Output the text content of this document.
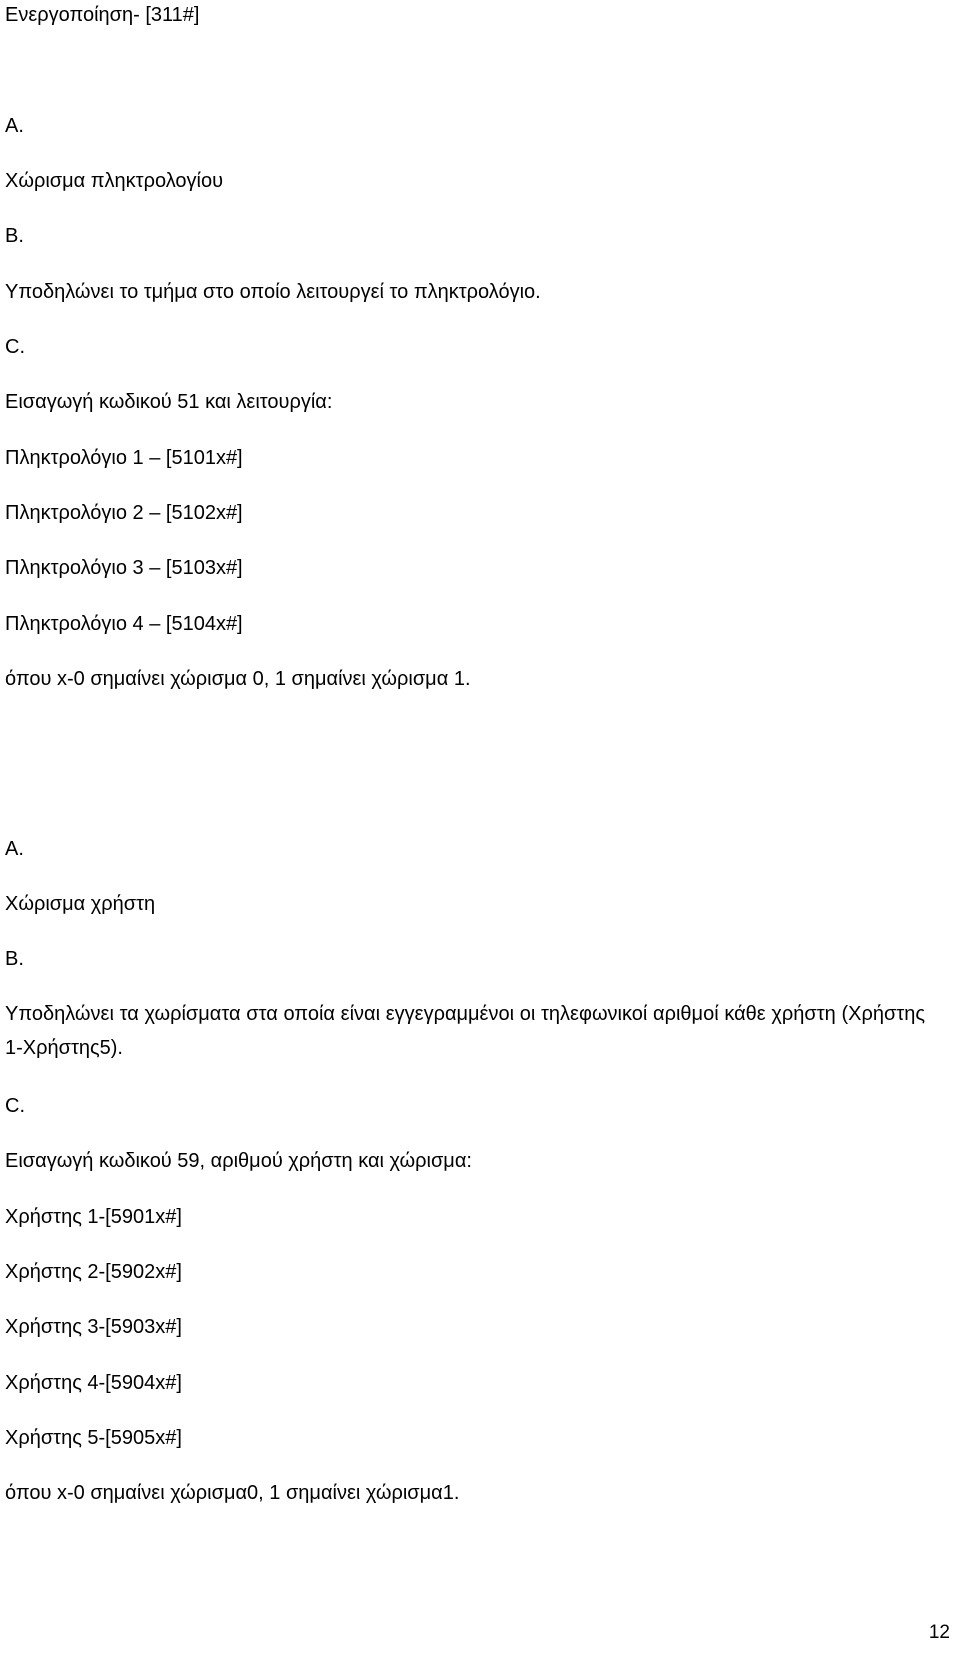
Ενεργοποίηση- [311#]
A.
Χώρισμα πληκτρολογίου
B.
Υποδηλώνει το τμήμα στο οποίο λειτουργεί το πληκτρολόγιο.
C.
Εισαγωγή κωδικού 51 και λειτουργία:
Πληκτρολόγιο 1 – [5101x#]
Πληκτρολόγιο 2 – [5102x#]
Πληκτρολόγιο 3 – [5103x#]
Πληκτρολόγιο 4 – [5104x#]
όπου x-0 σημαίνει χώρισμα 0, 1 σημαίνει χώρισμα 1.
A.
Χώρισμα χρήστη
B.
Υποδηλώνει τα χωρίσματα στα οποία είναι εγγεγραμμένοι οι τηλεφωνικοί αριθμοί κάθε χρήστη (Χρήστης 1-Χρήστης5).
C.
Εισαγωγή κωδικού 59, αριθμού χρήστη και χώρισμα:
Χρήστης 1-[5901x#]
Χρήστης 2-[5902x#]
Χρήστης 3-[5903x#]
Χρήστης 4-[5904x#]
Χρήστης 5-[5905x#]
όπου x-0 σημαίνει χώρισμα0, 1 σημαίνει χώρισμα1.
12
